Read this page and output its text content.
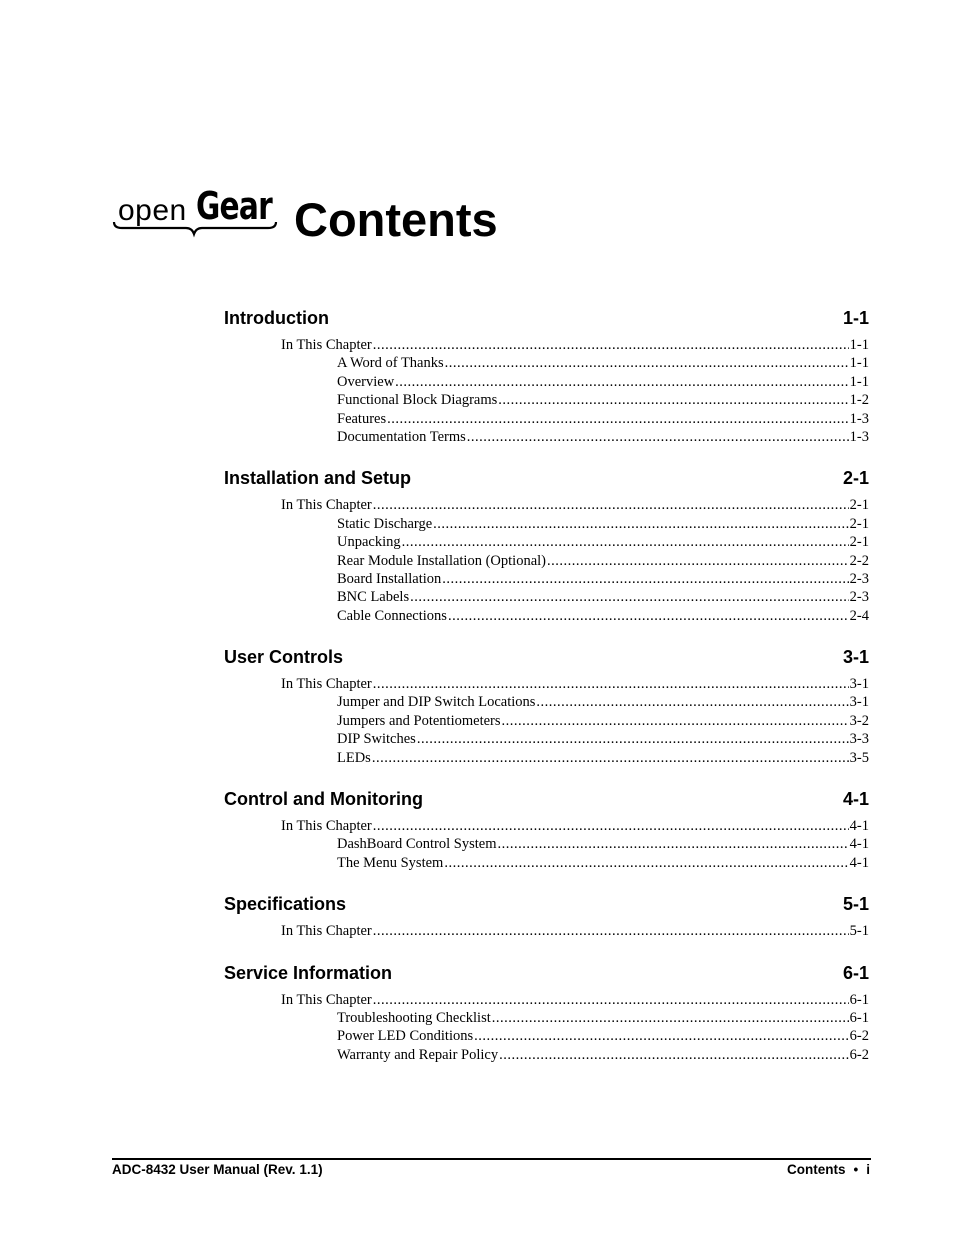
open Gear Contents
Introduction	1-1
In This Chapter .....	1-1
A Word of Thanks .....	1-1
Overview .....	1-1
Functional Block Diagrams .....	1-2
Features .....	1-3
Documentation Terms .....	1-3
Installation and Setup	2-1
In This Chapter .....	2-1
Static Discharge .....	2-1
Unpacking .....	2-1
Rear Module Installation (Optional) .....	2-2
Board Installation .....	2-3
BNC Labels .....	2-3
Cable Connections .....	2-4
User Controls	3-1
In This Chapter .....	3-1
Jumper and DIP Switch Locations .....	3-1
Jumpers and Potentiometers .....	3-2
DIP Switches .....	3-3
LEDs .....	3-5
Control and Monitoring	4-1
In This Chapter .....	4-1
DashBoard Control System .....	4-1
The Menu System .....	4-1
Specifications	5-1
In This Chapter .....	5-1
Service Information	6-1
In This Chapter .....	6-1
Troubleshooting Checklist .....	6-1
Power LED Conditions .....	6-2
Warranty and Repair Policy .....	6-2
ADC-8432 User Manual (Rev. 1.1)	Contents • i
